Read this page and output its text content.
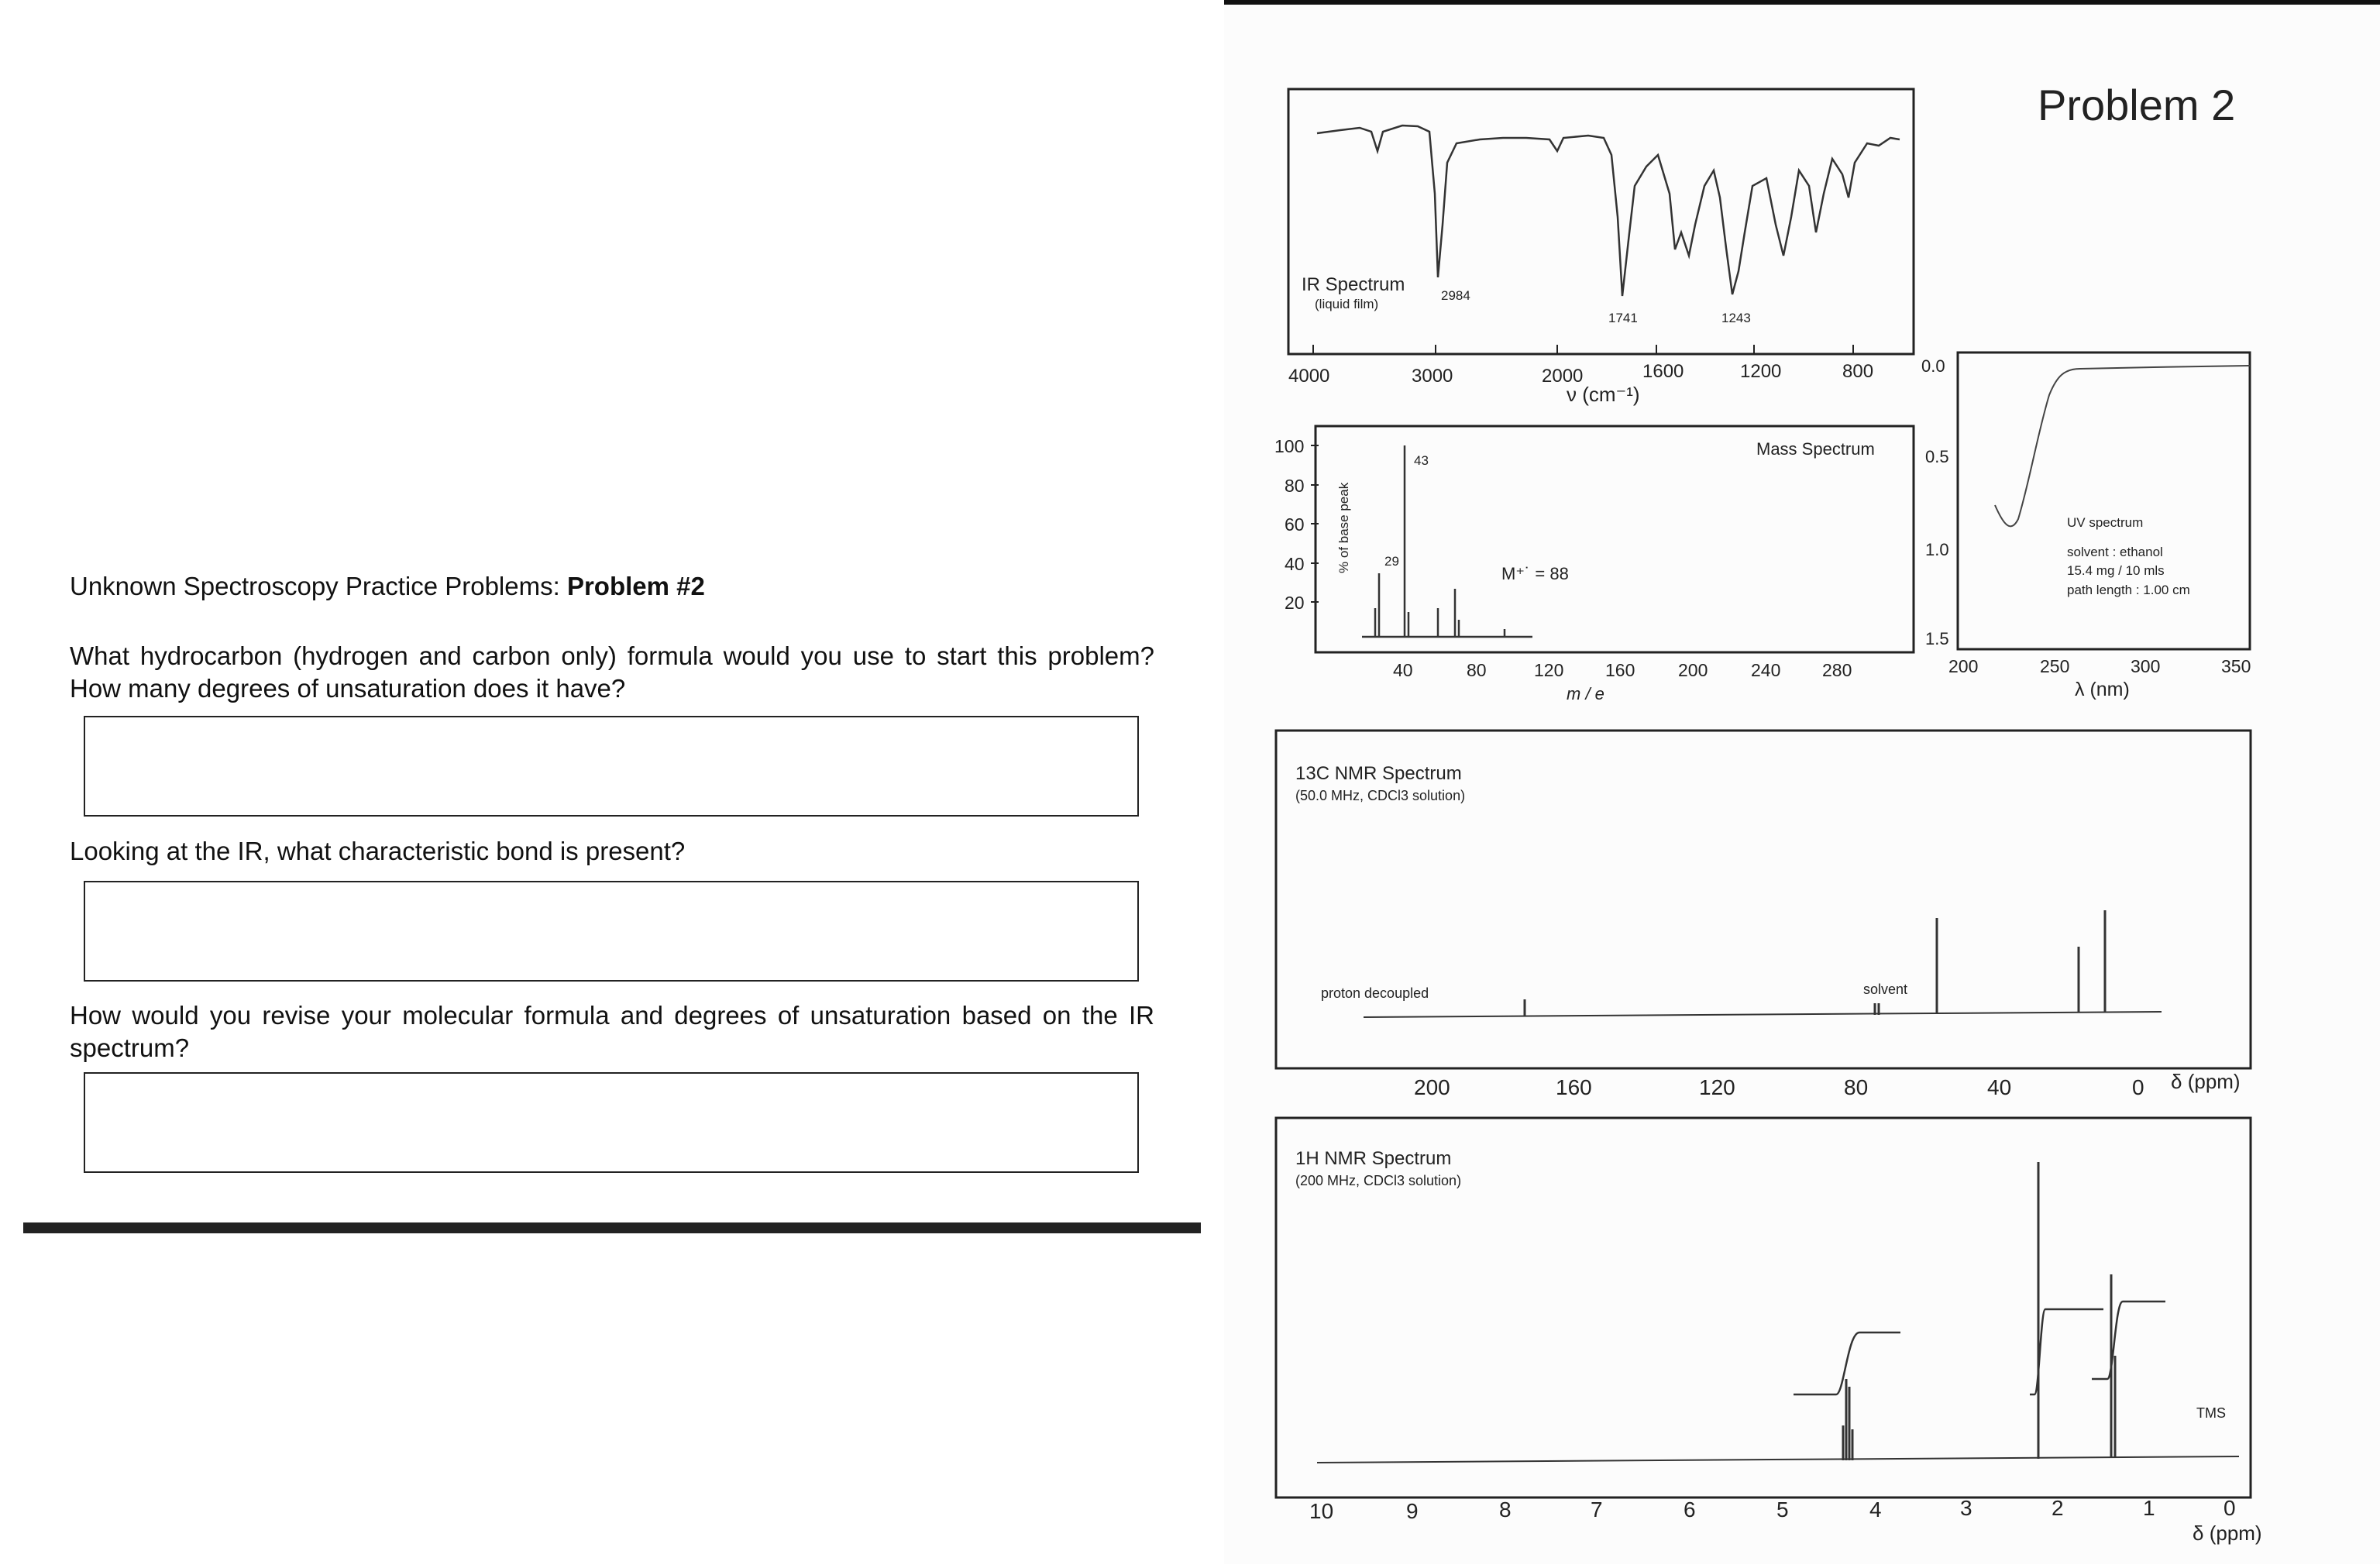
Unknown Spectroscopy Practice Problems: Problem #2
What hydrocarbon (hydrogen and carbon only) formula would you use to start this problem? How many degrees of unsaturation does it have?
Looking at the IR, what characteristic bond is present?
How would you revise your molecular formula and degrees of unsaturation based on the IR spectrum?
Problem 2
IR Spectrum
(liquid film)
2984
1741	1243
4000	3000	2000	1600	1200	800
ν (cm⁻¹)
100
80
60
40
20
% of base peak
43
29
M⁺˙ = 88
Mass Spectrum
40	80	120 160 200 240 280
m / e
0.0
0.5
1.0
1.5
UV spectrum
solvent : ethanol
15.4 mg / 10 mls
path length : 1.00 cm
200	250	300	350
λ (nm)
13C NMR Spectrum
(50.0 MHz, CDCl3 solution)
proton decoupled	solvent
200	160	120	80	40	0 δ (ppm)
1H NMR Spectrum
(200 MHz, CDCl3 solution)
TMS
10	9	8	7	6	5	4	3	2	1	0
δ (ppm)
